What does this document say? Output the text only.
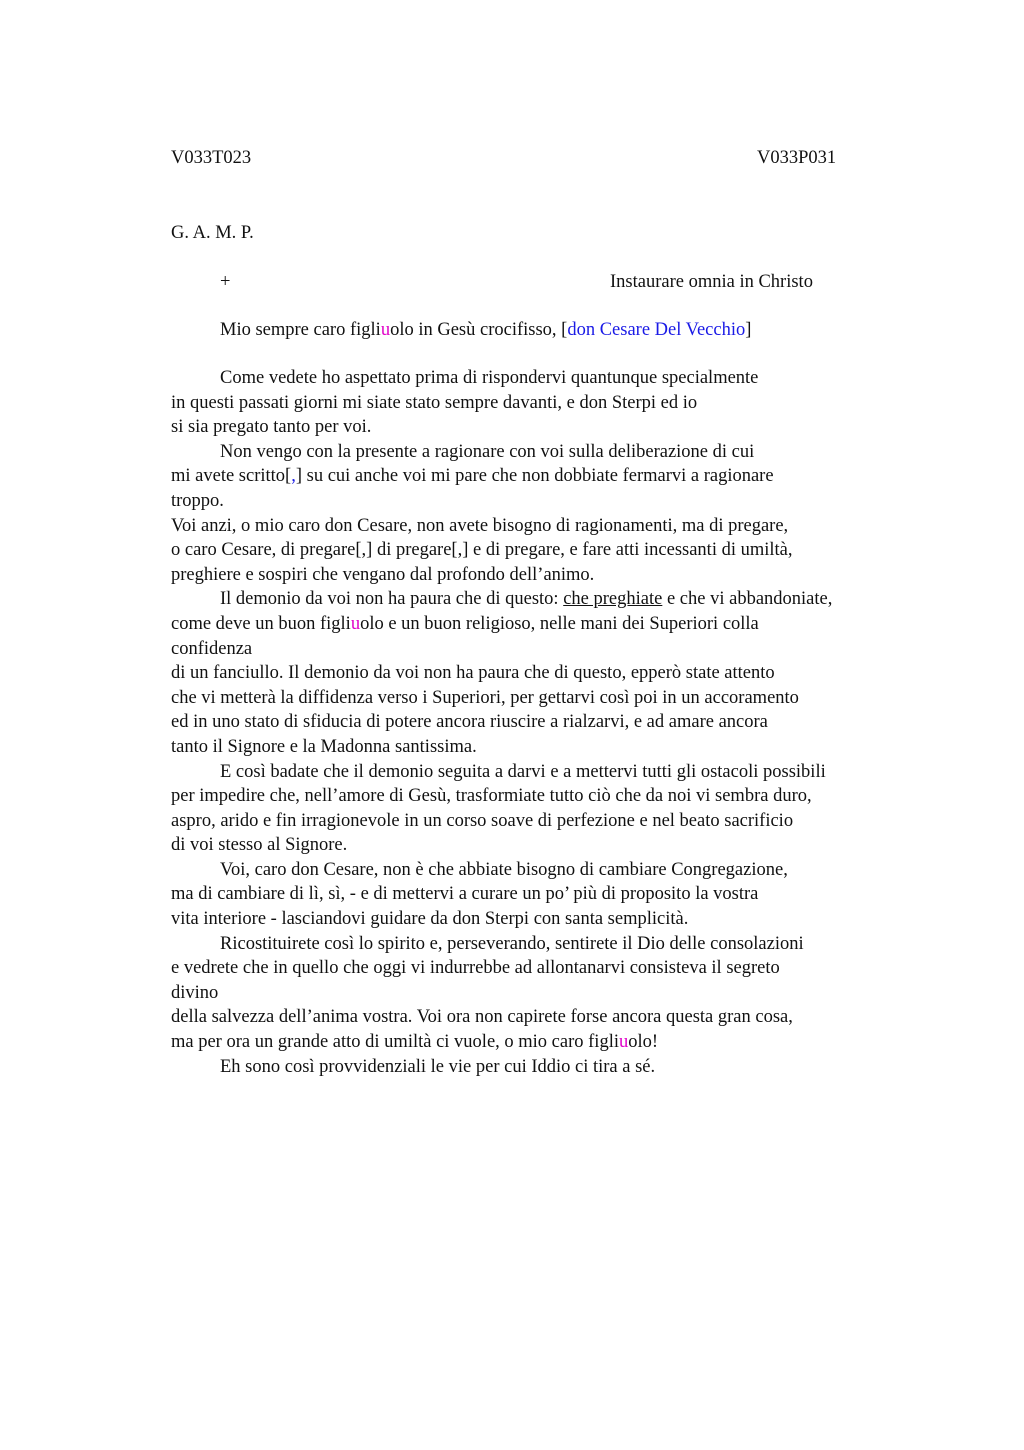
V033T023	V033P031
G. A. M. P.
+	Instaurare omnia in Christo
Mio sempre caro figliuolo in Gesù crocifisso, [don Cesare Del Vecchio]
Come vedete ho aspettato prima di rispondervi quantunque specialmente
in questi passati giorni mi siate stato sempre davanti, e don Sterpi ed io
si sia pregato tanto per voi.
Non vengo con la presente a ragionare con voi sulla deliberazione di cui
mi avete scritto[,] su cui anche voi mi pare che non dobbiate fermarvi a ragionare
troppo.
Voi anzi, o mio caro don Cesare, non avete bisogno di ragionamenti, ma di pregare,
o caro Cesare, di pregare[,] di pregare[,] e di pregare, e fare atti incessanti di umiltà,
preghiere e sospiri che vengano dal profondo dell’animo.
Il demonio da voi non ha paura che di questo: che preghiate e che vi abbandoniate,
come deve un buon figliuolo e un buon religioso, nelle mani dei Superiori colla
confidenza
di un fanciullo. Il demonio da voi non ha paura che di questo, epperò state attento
che vi metterà la diffidenza verso i Superiori, per gettarvi così poi in un accoramento
ed in uno stato di sfiducia di potere ancora riuscire a rialzarvi, e ad amare ancora
tanto il Signore e la Madonna santissima.
E così badate che il demonio seguita a darvi e a mettervi tutti gli ostacoli possibili
per impedire che, nell’amore di Gesù, trasformiate tutto ciò che da noi vi sembra duro,
aspro, arido e fin irragionevole in un corso soave di perfezione e nel beato sacrificio
di voi stesso al Signore.
Voi, caro don Cesare, non è che abbiate bisogno di cambiare Congregazione,
ma di cambiare di lì, sì, - e di mettervi a curare un po’ più di proposito la vostra
vita interiore - lasciandovi guidare da don Sterpi con santa semplicità.
Ricostituirete così lo spirito e, perseverando, sentirete il Dio delle consolazioni
e vedrete che in quello che oggi vi indurrebbe ad allontanarvi consisteva il segreto
divino
della salvezza dell’anima vostra. Voi ora non capirete forse ancora questa gran cosa,
ma per ora un grande atto di umiltà ci vuole, o mio caro figliuolo!
Eh sono così provvidenziali le vie per cui Iddio ci tira a sé.
